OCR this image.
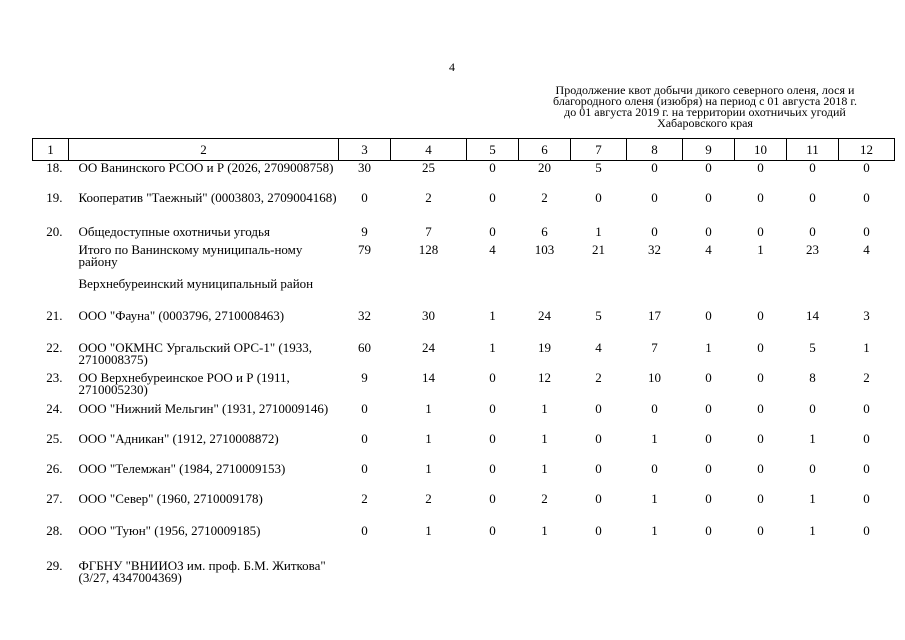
4
Продолжение квот добычи дикого северного оленя, лося и
благородного оленя (изюбря) на период с 01 августа 2018 г.
до 01 августа 2019 г. на территории охотничьих угодий
Хабаровского края
1	2	3	4	5	6	7	8	9	10	11	12
18.	ОО Ванинского РСОО и Р (2026, 2709008758)	30	25	0	20	5	0	0	0	0	0
19.	Кооператив "Таежный" (0003803, 2709004168)	0	2	0	2	0	0	0	0	0	0
20.	Общедоступные охотничьи угодья	9	7	0	6	1	0	0	0	0	0
	Итого по Ванинскому муниципаль-ному району	79	128	4	103	21	32	4	1	23	4
	Верхнебуреинский муниципальный район										
21.	ООО "Фауна" (0003796, 2710008463)	32	30	1	24	5	17	0	0	14	3
22.	ООО "ОКМНС Ургальский ОРС-1" (1933, 2710008375)	60	24	1	19	4	7	1	0	5	1
23.	ОО Верхнебуреинское РОО и Р (1911, 2710005230)	9	14	0	12	2	10	0	0	8	2
24.	ООО "Нижний Мельгин" (1931, 2710009146)	0	1	0	1	0	0	0	0	0	0
25.	ООО "Адникан" (1912, 2710008872)	0	1	0	1	0	1	0	0	1	0
26.	ООО "Телемжан" (1984, 2710009153)	0	1	0	1	0	0	0	0	0	0
27.	ООО "Север" (1960, 2710009178)	2	2	0	2	0	1	0	0	1	0
28.	ООО "Туюн" (1956, 2710009185)	0	1	0	1	0	1	0	0	1	0
29.	ФГБНУ "ВНИИОЗ им. проф. Б.М. Житкова" (3/27, 4347004369)										
